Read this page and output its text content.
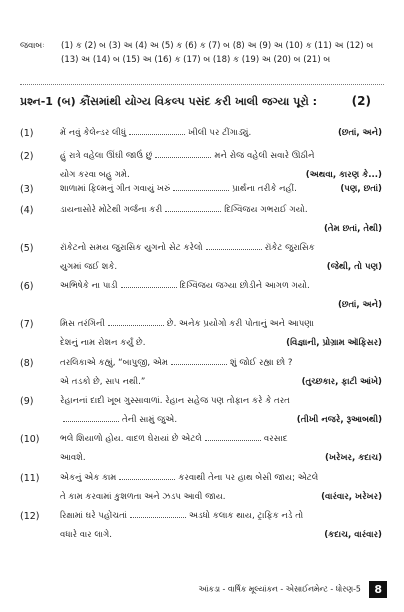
જવાબઃ (1) ક (2) બ (3) અ (4) અ (5) ક (6) ક (7) બ (8) અ (9) અ (10) ક (11) અ (12) બ (13) અ (14) બ (15) અ (16) ક (17) બ (18) ક (19) અ (20) બ (21) બ
પ્રશ્ન-1 (બ) કૌંસમાંથી યોગ્ય વિકલ્પ પસંદ કરી ખાલી જગ્યા પૂરો :	(2)
(1)	મેં નવું કેલેન્ડર લીધું	ખીલી પર ટીંગાડ્યું.	(છતાં, અને)
(2)	હું રાત્રે વહેલા ઊંઘી જાઉં છું	મને રોજ વહેલી સવારે ઊઠીને
યોગ કરવા બહુ ગમે.	(અથવા, કારણ કે...)
(3)	શાળામાં ફિલ્મનું ગીત ગવાયું ખરું	પ્રાર્થના તરીકે નહીં.	(પણ, છતાં)
(4)	ડાયનાસોરે મોટેથી ગર્જના કરી	દિગ્વિજય ગભરાઈ ગયો.
(તેમ છતાં, તેથી)
(5)	રૉકેટનો સમય જુરાસિક યુગનો સેટ કરેલો	રૉકેટ જુરાસિક
યુગમાં જઈ શકે.	(જેથી, તો પણ)
(6)	અભિષેકે ના પાડી	દિગ્વિજય જગ્યા છોડીને આગળ ગયો.
(છતાં, અને)
(7)	મિસ તરંગિની	છે. અનેક પ્રયોગો કરી પોતાનું અને આપણા
દેશનું નામ રોશન કર્યું છે.	(વિજ્ઞાની, પ્રોગ્રામ ઑફિસર)
(8)	તરલિકાએ કહ્યું, “બાપુજી, એમ	શું જોઈ રહ્યા છો ?
એ તડકો છે, સાપ નથી.”	(તુચ્છકાર, ફાટી આંખે)
(9)	રેહાનનાં દાદી ખૂબ ગુસ્સાવાળાં. રેહાન સહેજ પણ તોફાન કરે કે તરત
તેની સામું જુએ.	(તીખી નજરે, રૂઆબથી)
(10) ભલે શિયાળો હોય. વાદળ ઘેરાયાં છે એટલે	વરસાદ
આવશે.	(ખરેખર, કદાચ)
(11) એકનું એક કામ	કરવાથી તેના પર હાથ બેસી જાય; એટલે
તે કામ કરવામાં કુશળતા અને ઝડપ આવી જાય.	(વારંવાર, ખરેખર)
(12) રિક્ષામાં ઘરે પહોંચતાં	અડધો કલાક થાય, ટ્રાફિક નડે તો
વધારે વાર લાગે.	(કદાચ, વારંવાર)
આંકડા - વાર્ષિક મૂલ્યાંકન - એસાઈનમેન્ટ - ધોરણ-5 8
